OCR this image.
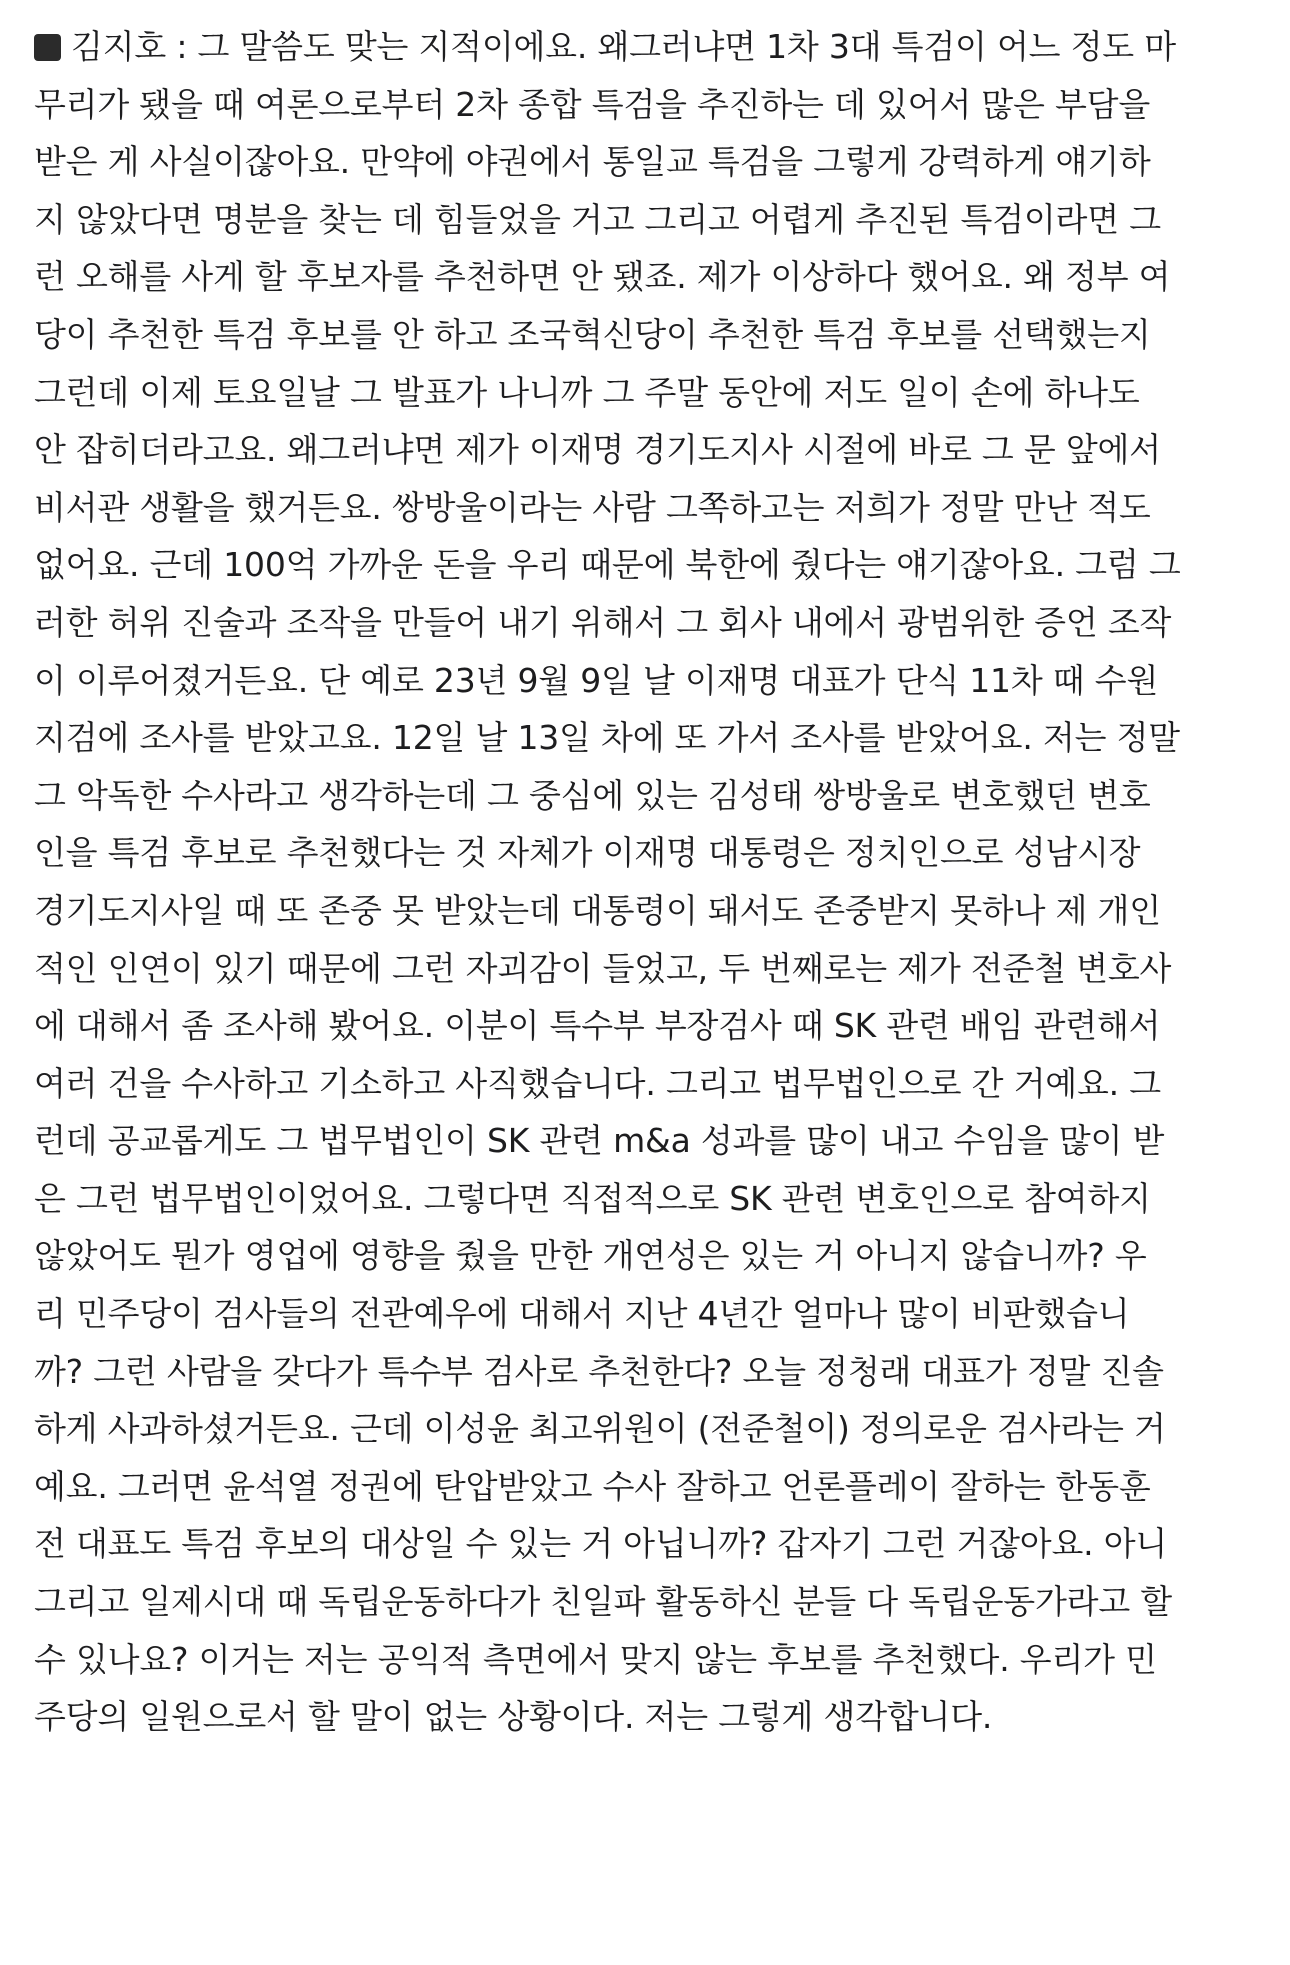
김지호 : 그 말씀도 맞는 지적이에요. 왜그러냐면 1차 3대 특검이 어느 정도 마
무리가 됐을 때 여론으로부터 2차 종합 특검을 추진하는 데 있어서 많은 부담을
받은 게 사실이잖아요. 만약에 야권에서 통일교 특검을 그렇게 강력하게 얘기하
지 않았다면 명분을 찾는 데 힘들었을 거고 그리고 어렵게 추진된 특검이라면 그
런 오해를 사게 할 후보자를 추천하면 안 됐죠. 제가 이상하다 했어요. 왜 정부 여
당이 추천한 특검 후보를 안 하고 조국혁신당이 추천한 특검 후보를 선택했는지
그런데 이제 토요일날 그 발표가 나니까 그 주말 동안에 저도 일이 손에 하나도
안 잡히더라고요. 왜그러냐면 제가 이재명 경기도지사 시절에 바로 그 문 앞에서
비서관 생활을 했거든요. 쌍방울이라는 사람 그쪽하고는 저희가 정말 만난 적도
없어요. 근데 100억 가까운 돈을 우리 때문에 북한에 줬다는 얘기잖아요. 그럼 그
러한 허위 진술과 조작을 만들어 내기 위해서 그 회사 내에서 광범위한 증언 조작
이 이루어졌거든요. 단 예로 23년 9월 9일 날 이재명 대표가 단식 11차 때 수원
지검에 조사를 받았고요. 12일 날 13일 차에 또 가서 조사를 받았어요. 저는 정말
그 악독한 수사라고 생각하는데 그 중심에 있는 김성태 쌍방울로 변호했던 변호
인을 특검 후보로 추천했다는 것 자체가 이재명 대통령은 정치인으로 성남시장
경기도지사일 때 또 존중 못 받았는데 대통령이 돼서도 존중받지 못하나 제 개인
적인 인연이 있기 때문에 그런 자괴감이 들었고, 두 번째로는 제가 전준철 변호사
에 대해서 좀 조사해 봤어요. 이분이 특수부 부장검사 때 SK 관련 배임 관련해서
여러 건을 수사하고 기소하고 사직했습니다. 그리고 법무법인으로 간 거예요. 그
런데 공교롭게도 그 법무법인이 SK 관련 m&a 성과를 많이 내고 수임을 많이 받
은 그런 법무법인이었어요. 그렇다면 직접적으로 SK 관련 변호인으로 참여하지
않았어도 뭔가 영업에 영향을 줬을 만한 개연성은 있는 거 아니지 않습니까? 우
리 민주당이 검사들의 전관예우에 대해서 지난 4년간 얼마나 많이 비판했습니
까? 그런 사람을 갖다가 특수부 검사로 추천한다? 오늘 정청래 대표가 정말 진솔
하게 사과하셨거든요. 근데 이성윤 최고위원이 (전준철이) 정의로운 검사라는 거
예요. 그러면 윤석열 정권에 탄압받았고 수사 잘하고 언론플레이 잘하는 한동훈
전 대표도 특검 후보의 대상일 수 있는 거 아닙니까? 갑자기 그런 거잖아요. 아니
그리고 일제시대 때 독립운동하다가 친일파 활동하신 분들 다 독립운동가라고 할
수 있나요? 이거는 저는 공익적 측면에서 맞지 않는 후보를 추천했다. 우리가 민
주당의 일원으로서 할 말이 없는 상황이다. 저는 그렇게 생각합니다.
